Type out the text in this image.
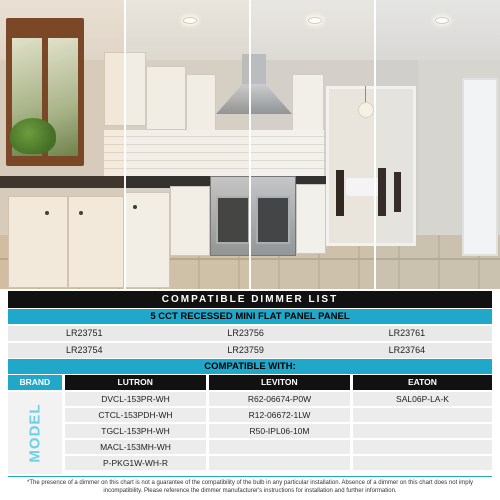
COMPATIBLE DIMMER LIST
5 CCT RECESSED MINI FLAT PANEL PANEL
LR23751	LR23756	LR23761
LR23754	LR23759	LR23764
COMPATIBLE WITH:
BRAND	LUTRON	LEVITON	EATON
MODEL
DVCL-153PR-WH	R62-06674-P0W	SAL06P-LA-K
CTCL-153PDH-WH	R12-06672-1LW
TGCL-153PH-WH	R50-IPL06-10M
MACL-153MH-WH
P-PKG1W-WH-R
*The presence of a dimmer on this chart is not a guarantee of the compatibility of the bulb in any particular installation. Absence of a dimmer on this chart does not imply incompatibility. Please reference the dimmer manufacturer's instructions for installation and further information.
